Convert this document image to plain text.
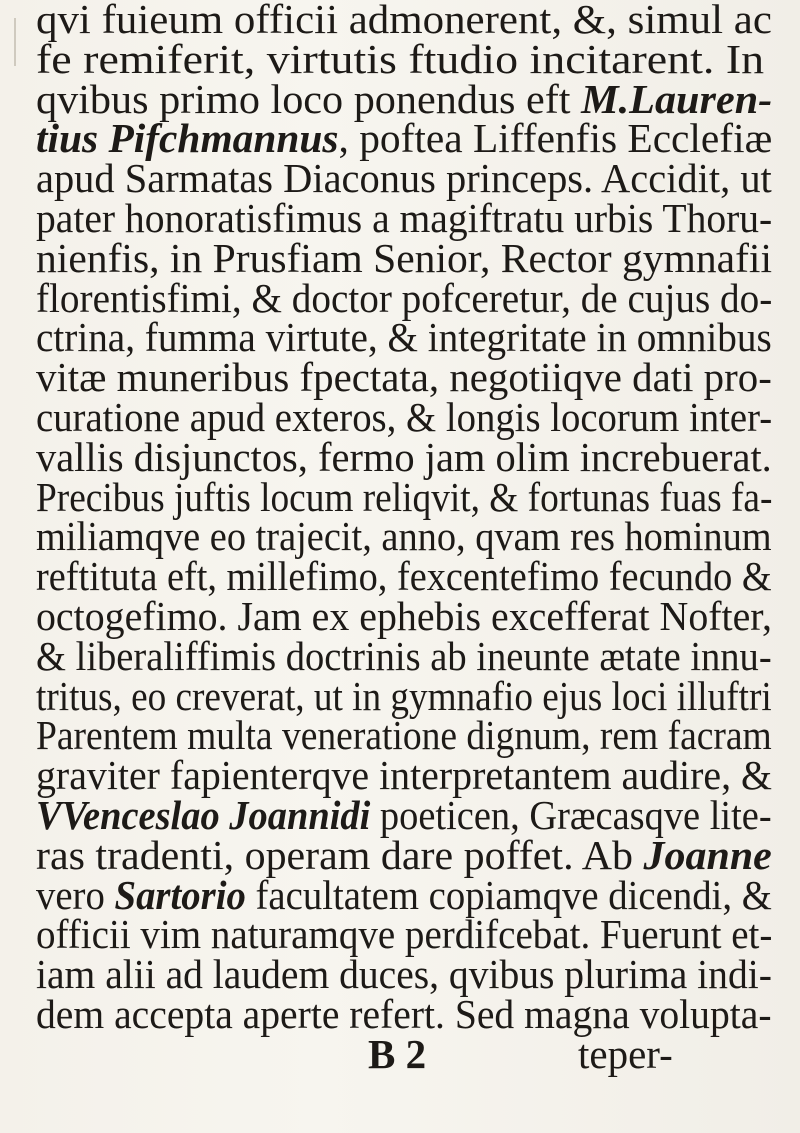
qvi fuieum officii admonerent, &, simul ac
fe remiferit, virtutis ftudio incitarent. In
qvibus primo loco ponendus eft M.Lauren-
tius Pifchmannus, poftea Liffenfis Ecclefiæ
apud Sarmatas Diaconus princeps. Accidit, ut
pater honoratisfimus a magiftratu urbis Thoru-
nienfis, in Prusfiam Senior, Rector gymnafii
florentisfimi, & doctor pofceretur, de cujus do-
ctrina, fumma virtute, & integritate in omnibus
vitæ muneribus fpectata, negotiiqve dati pro-
curatione apud exteros, & longis locorum inter-
vallis disjunctos, fermo jam olim increbuerat.
Precibus juftis locum reliqvit, & fortunas fuas fa-
miliamqve eo trajecit, anno, qvam res hominum
reftituta eft, millefimo, fexcentefimo fecundo &
octogefimo. Jam ex ephebis excefferat Nofter,
& liberaliffimis doctrinis ab ineunte ætate innu-
tritus, eo creverat, ut in gymnafio ejus loci illuftri
Parentem multa veneratione dignum, rem facram
graviter fapienterqve interpretantem audire, &
VVenceslao Joannidi poeticen, Græcasqve lite-
ras tradenti, operam dare poffet. Ab Joanne
vero Sartorio facultatem copiamqve dicendi, &
officii vim naturamqve perdifcebat. Fuerunt et-
iam alii ad laudem duces, qvibus plurima indi-
dem accepta aperte refert. Sed magna volupta-
B 2	teper-
